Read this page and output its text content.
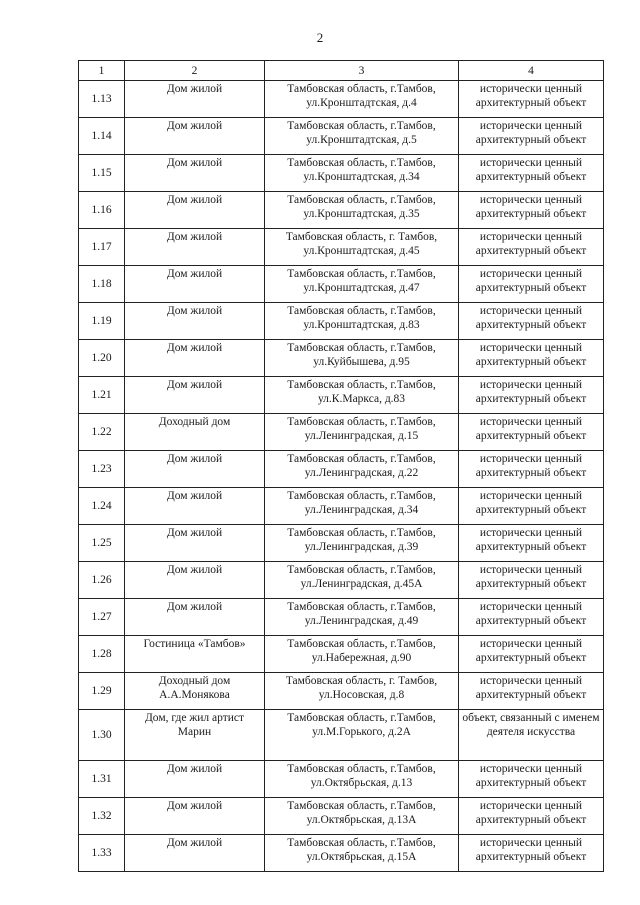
2
1	2	3	4
1.13	Дом жилой	Тамбовская область, г.Тамбов, ул.Кронштадтская, д.4	исторически ценный архитектурный объект
1.14	Дом жилой	Тамбовская область, г.Тамбов, ул.Кронштадтская, д.5	исторически ценный архитектурный объект
1.15	Дом жилой	Тамбовская область, г.Тамбов, ул.Кронштадтская, д.34	исторически ценный архитектурный объект
1.16	Дом жилой	Тамбовская область, г.Тамбов, ул.Кронштадтская, д.35	исторически ценный архитектурный объект
1.17	Дом жилой	Тамбовская область, г. Тамбов, ул.Кронштадтская, д.45	исторически ценный архитектурный объект
1.18	Дом жилой	Тамбовская область, г.Тамбов, ул.Кронштадтская, д.47	исторически ценный архитектурный объект
1.19	Дом жилой	Тамбовская область, г.Тамбов, ул.Кронштадтская, д.83	исторически ценный архитектурный объект
1.20	Дом жилой	Тамбовская область, г.Тамбов, ул.Куйбышева, д.95	исторически ценный архитектурный объект
1.21	Дом жилой	Тамбовская область, г.Тамбов, ул.К.Маркса, д.83	исторически ценный архитектурный объект
1.22	Доходный дом	Тамбовская область, г.Тамбов, ул.Ленинградская, д.15	исторически ценный архитектурный объект
1.23	Дом жилой	Тамбовская область, г.Тамбов, ул.Ленинградская, д.22	исторически ценный архитектурный объект
1.24	Дом жилой	Тамбовская область, г.Тамбов, ул.Ленинградская, д.34	исторически ценный архитектурный объект
1.25	Дом жилой	Тамбовская область, г.Тамбов, ул.Ленинградская, д.39	исторически ценный архитектурный объект
1.26	Дом жилой	Тамбовская область, г.Тамбов, ул.Ленинградская, д.45А	исторически ценный архитектурный объект
1.27	Дом жилой	Тамбовская область, г.Тамбов, ул.Ленинградская, д.49	исторически ценный архитектурный объект
1.28	Гостиница «Тамбов»	Тамбовская область, г.Тамбов, ул.Набережная, д.90	исторически ценный архитектурный объект
1.29	Доходный дом А.А.Монякова	Тамбовская область, г. Тамбов, ул.Носовская, д.8	исторически ценный архитектурный объект
1.30	Дом, где жил артист Марин	Тамбовская область, г.Тамбов, ул.М.Горького, д.2А	объект, связанный с именем деятеля искусства
1.31	Дом жилой	Тамбовская область, г.Тамбов, ул.Октябрьская, д.13	исторически ценный архитектурный объект
1.32	Дом жилой	Тамбовская область, г.Тамбов, ул.Октябрьская, д.13А	исторически ценный архитектурный объект
1.33	Дом жилой	Тамбовская область, г.Тамбов, ул.Октябрьская, д.15А	исторически ценный архитектурный объект
